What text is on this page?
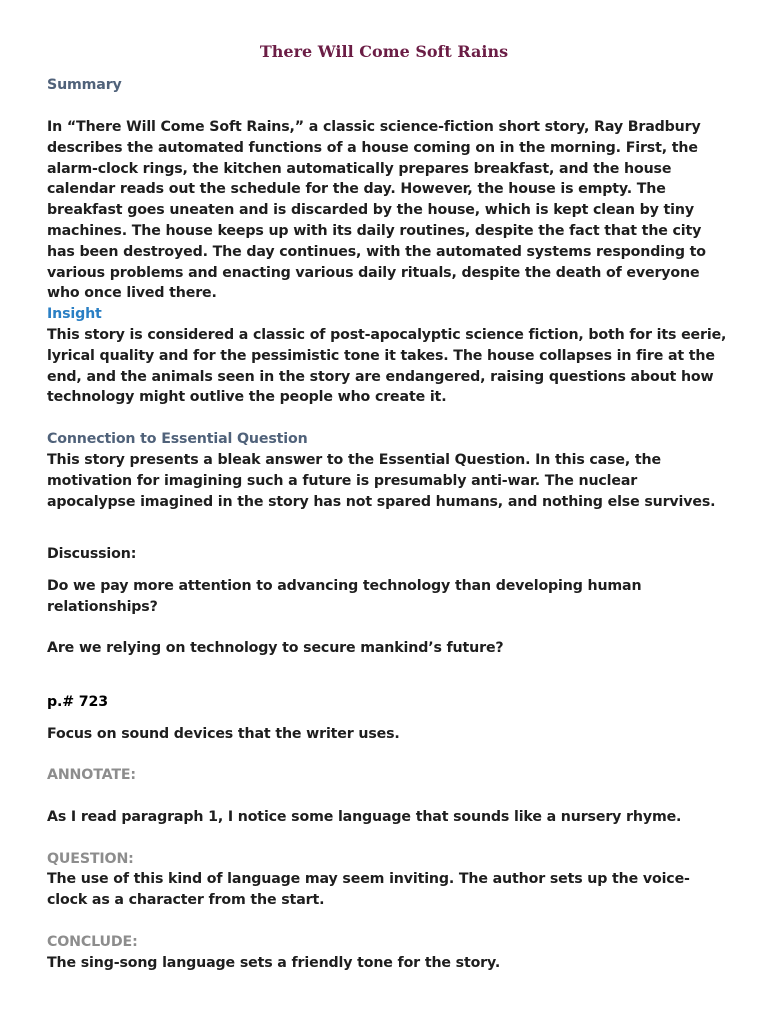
There Will Come Soft Rains
Summary

In “There Will Come Soft Rains,” a classic science-fiction short story, Ray Bradbury describes the automated functions of a house coming on in the morning. First, the alarm-clock rings, the kitchen automatically prepares breakfast, and the house calendar reads out the schedule for the day. However, the house is empty. The breakfast goes uneaten and is discarded by the house, which is kept clean by tiny machines. The house keeps up with its daily routines, despite the fact that the city has been destroyed. The day continues, with the automated systems responding to various problems and enacting various daily rituals, despite the death of everyone who once lived there.

Insight

This story is considered a classic of post-apocalyptic science fiction, both for its eerie, lyrical quality and for the pessimistic tone it takes. The house collapses in fire at the end, and the animals seen in the story are endangered, raising questions about how technology might outlive the people who create it.

Connection to Essential Question

This story presents a bleak answer to the Essential Question. In this case, the motivation for imagining such a future is presumably anti-war. The nuclear apocalypse imagined in the story has not spared humans, and nothing else survives.

Discussion:

Do we pay more attention to advancing technology than developing human relationships?

Are we relying on technology to secure mankind’s future?

p.# 723

Focus on sound devices that the writer uses.

ANNOTATE:

As I read paragraph 1, I notice some language that sounds like a nursery rhyme.

QUESTION:

The use of this kind of language may seem inviting. The author sets up the voice-clock as a character from the start.

CONCLUDE:

The sing-song language sets a friendly tone for the story.
